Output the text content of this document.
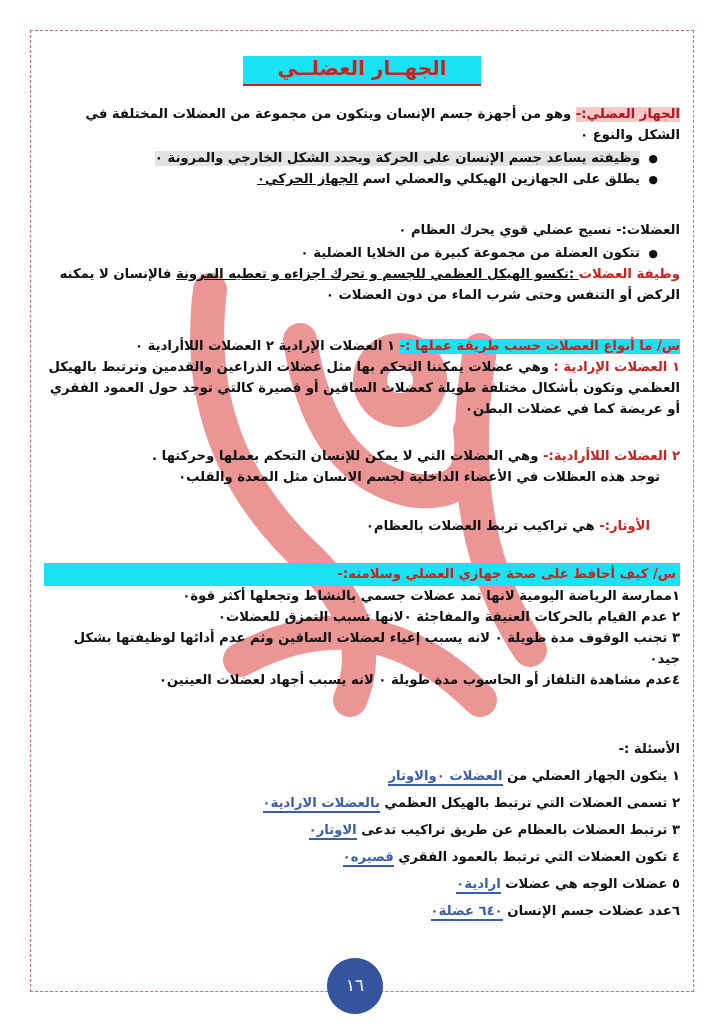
الجهــار العضلــي

الجهاز العضلي:- وهو من أجهزة جسم الإنسان ويتكون من مجموعة من العضلات المختلفة في الشكل والنوع ٠

● وظيفته يساعد جسم الإنسان على الحركة ويحدد الشكل الخارجي والمرونة ٠
● يطلق على الجهازين الهيكلي والعضلي اسم الجهاز الحركي٠

العضلات:- نسيج عضلي قوي يحرك العظام ٠

● تتكون العضلة من مجموعة كبيرة من الخلايا العضلية ٠

وظيفة العضلات :تكسو الهيكل العظمي للجسم و تحرك اجزاءه و تعطيه المرونة فالإنسان لا يمكنه الركض أو التنفس وحتى شرب الماء من دون العضلات ٠

س/ ما أنواع العضلات حسب طريقة عملها :- ١ العضلات الإرادية ٢ العضلات اللاأرادية ٠

١ العضلات الإرادية : وهي عضلات يمكننا التحكم بها مثل عضلات الذراعين والقدمين وترتبط بالهيكل العظمي وتكون بأشكال مختلفة طويلة كعضلات الساقين أو قصيرة كالتي توجد حول العمود الفقري أو عريضة كما في عضلات البطن٠

٢ العضلات اللاأرادية:- وهي العضلات التي لا يمكن للإنسان التحكم بعملها وحركتها .

توجد هذه العظلات في الأعضاء الداخلية لجسم الانسان مثل المعدة والقلب٠

الأوتار:- هي تراكيب تربط العضلات بالعظام٠

س/ كيف أحافظ على صحة جهازي العضلي وسلامته:-

١ممارسة الرياضة اليومية لانها تمد عضلات جسمي بالنشاط وتجعلها أكثر قوة٠

٢ عدم القيام بالحركات العنيفة والمفاجئة ٠لانها تسبب التمزق للعضلات٠

٣ تجنب الوقوف مدة طويلة ٠ لانه يسبب إعياء لعضلات الساقين وثم عدم أدائها لوظيفتها بشكل جيد٠

٤عدم مشاهدة التلفاز أو الحاسوب مدة طويلة ٠ لانه يسبب أجهاد لعضلات العينين٠

الأسئلة :-

١ يتكون الجهاز العضلي من العضلات ٠والاوتار

٢ تسمى العضلات التي ترتبط بالهيكل العظمي بالعضلات الارادية٠

٣ ترتبط العضلات بالعظام عن طريق تراكيب تدعى الاوتار٠

٤ تكون العضلات التي ترتبط بالعمود الفقري قصيره٠

٥ عضلات الوجه هي عضلات ارادية٠

٦عدد عضلات جسم الإنسان ٦٤٠ عضلة٠

١٦
